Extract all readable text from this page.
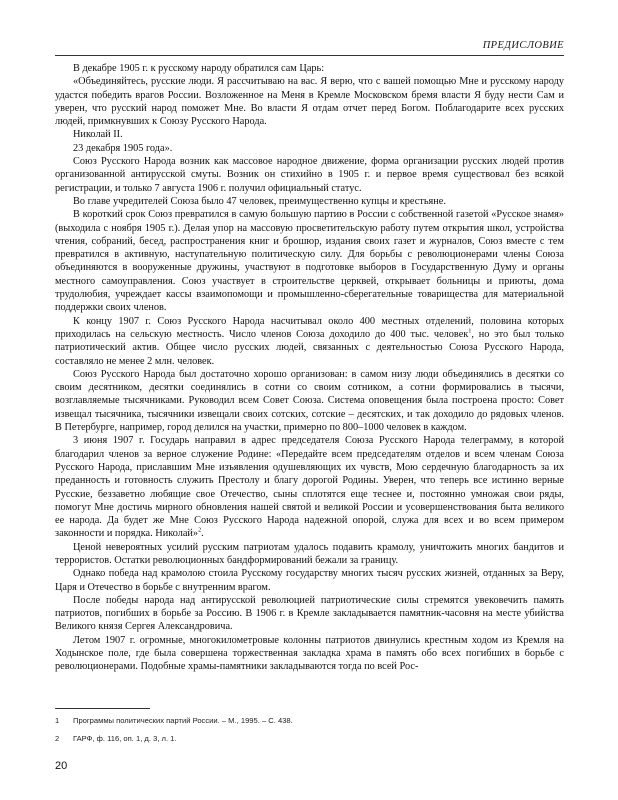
ПРЕДИСЛОВИЕ

В декабре 1905 г. к русскому народу обратился сам Царь:

«Объединяйтесь, русские люди. Я рассчитываю на вас. Я верю, что с вашей помощью Мне и русскому народу удастся победить врагов России. Возложенное на Меня в Кремле Московском бремя власти Я буду нести Сам и уверен, что русский народ поможет Мне. Во власти Я отдам отчет перед Богом. Поблагодарите всех русских людей, примкнувших к Союзу Русского Народа.

Николай II.

23 декабря 1905 года».

Союз Русского Народа возник как массовое народное движение, форма организации русских людей против организованной антирусской смуты. Возник он стихийно в 1905 г. и первое время существовал без всякой регистрации, и только 7 августа 1906 г. получил официальный статус.

Во главе учредителей Союза было 47 человек, преимущественно купцы и крестьяне.

В короткий срок Союз превратился в самую большую партию в России с собственной газетой «Русское знамя» (выходила с ноября 1905 г.). Делая упор на массовую просветительскую работу путем открытия школ, устройства чтения, собраний, бесед, распространения книг и брошюр, издания своих газет и журналов, Союз вместе с тем превратился в активную, наступательную политическую силу. Для борьбы с революционерами члены Союза объединяются в вооруженные дружины, участвуют в подготовке выборов в Государственную Думу и органы местного самоуправления. Союз участвует в строительстве церквей, открывает больницы и приюты, дома трудолюбия, учреждает кассы взаимопомощи и промышленно-сберегательные товарищества для материальной поддержки своих членов.

К концу 1907 г. Союз Русского Народа насчитывал около 400 местных отделений, половина которых приходилась на сельскую местность. Число членов Союза доходило до 400 тыс. человек$^1$, но это был только патриотический актив. Общее число русских людей, связанных с деятельностью Союза Русского Народа, составляло не менее 2 млн. человек.

Союз Русского Народа был достаточно хорошо организован: в самом низу люди объединялись в десятки со своим десятником, десятки соединялись в сотни со своим сотником, а сотни формировались в тысячи, возглавляемые тысячниками. Руководил всем Совет Союза. Система оповещения была построена просто: Совет извещал тысячника, тысячники извещали своих сотских, сотские – десятских, и так доходило до рядовых членов. В Петербурге, например, город делился на участки, примерно по 800–1000 человек в каждом.

3 июня 1907 г. Государь направил в адрес председателя Союза Русского Народа телеграмму, в которой благодарил членов за верное служение Родине: «Передайте всем председателям отделов и всем членам Союза Русского Народа, приславшим Мне изъявления одушевляющих их чувств, Мою сердечную благодарность за их преданность и готовность служить Престолу и благу дорогой Родины. Уверен, что теперь все истинно верные Русские, беззаветно любящие свое Отечество, сыны сплотятся еще теснее и, постоянно умножая свои ряды, помогут Мне достичь мирного обновления нашей святой и великой России и усовершенствования быта великого ее народа. Да будет же Мне Союз Русского Народа надежной опорой, служа для всех и во всем примером законности и порядка. Николай»$^2$.

Ценой невероятных усилий русским патриотам удалось подавить крамолу, уничтожить многих бандитов и террористов. Остатки революционных бандформирований бежали за границу.

Однако победа над крамолою стоила Русскому государству многих тысяч русских жизней, отданных за Веру, Царя и Отечество в борьбе с внутренним врагом.

После победы народа над антирусской революцией патриотические силы стремятся увековечить память патриотов, погибших в борьбе за Россию. В 1906 г. в Кремле закладывается памятник-часовня на месте убийства Великого князя Сергея Александровича.

Летом 1907 г. огромные, многокилометровые колонны патриотов двинулись крестным ходом из Кремля на Ходынское поле, где была совершена торжественная закладка храма в память обо всех погибших в борьбе с революционерами. Подобные храмы-памятники закладываются тогда по всей Рос-

1 Программы политических партий России. – М., 1995. – С. 438.
2 ГАРФ, ф. 116, оп. 1, д. 3, л. 1.
20
